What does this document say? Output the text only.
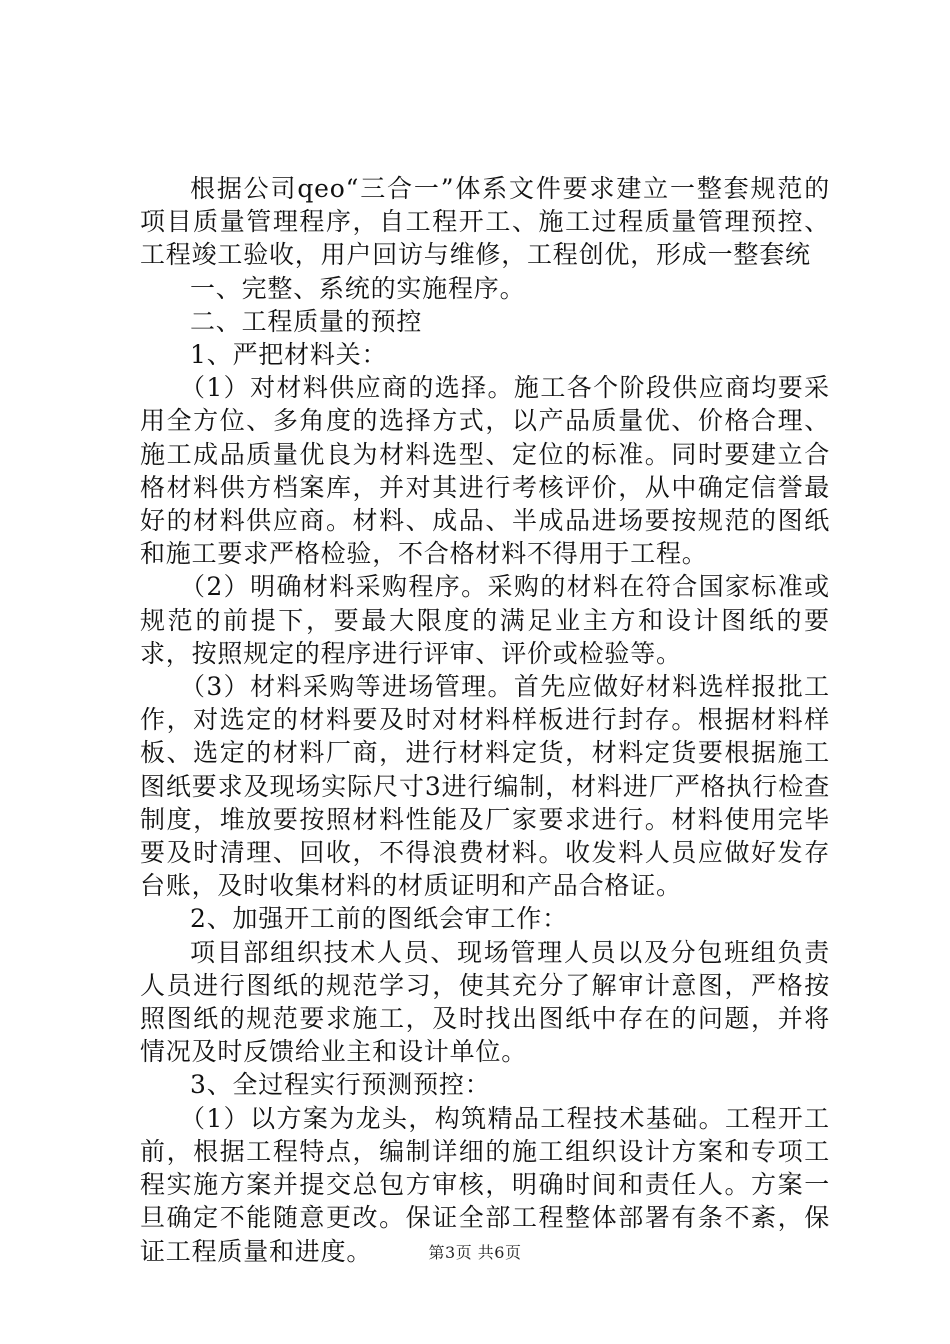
根据公司qeo“三合一”体系文件要求建立一整套规范的项目质量管理程序，自工程开工、施工过程质量管理预控、工程竣工验收，用户回访与维修，工程创优，形成一整套统

一、完整、系统的实施程序。

二、工程质量的预控

1、严把材料关：

（1）对材料供应商的选择。施工各个阶段供应商均要采用全方位、多角度的选择方式，以产品质量优、价格合理、施工成品质量优良为材料选型、定位的标准。同时要建立合格材料供方档案库，并对其进行考核评价，从中确定信誉最好的材料供应商。材料、成品、半成品进场要按规范的图纸和施工要求严格检验，不合格材料不得用于工程。

（2）明确材料采购程序。采购的材料在符合国家标准或规范的前提下，要最大限度的满足业主方和设计图纸的要求，按照规定的程序进行评审、评价或检验等。

（3）材料采购等进场管理。首先应做好材料选样报批工作，对选定的材料要及时对材料样板进行封存。根据材料样板、选定的材料厂商，进行材料定货，材料定货要根据施工图纸要求及现场实际尺寸3进行编制，材料进厂严格执行检查制度，堆放要按照材料性能及厂家要求进行。材料使用完毕要及时清理、回收，不得浪费材料。收发料人员应做好发存台账，及时收集材料的材质证明和产品合格证。

2、加强开工前的图纸会审工作：

项目部组织技术人员、现场管理人员以及分包班组负责人员进行图纸的规范学习，使其充分了解审计意图，严格按照图纸的规范要求施工，及时找出图纸中存在的问题，并将情况及时反馈给业主和设计单位。

3、全过程实行预测预控：

（1）以方案为龙头，构筑精品工程技术基础。工程开工前，根据工程特点，编制详细的施工组织设计方案和专项工程实施方案并提交总包方审核，明确时间和责任人。方案一旦确定不能随意更改。保证全部工程整体部署有条不紊，保证工程质量和进度。	第3页 共6页
